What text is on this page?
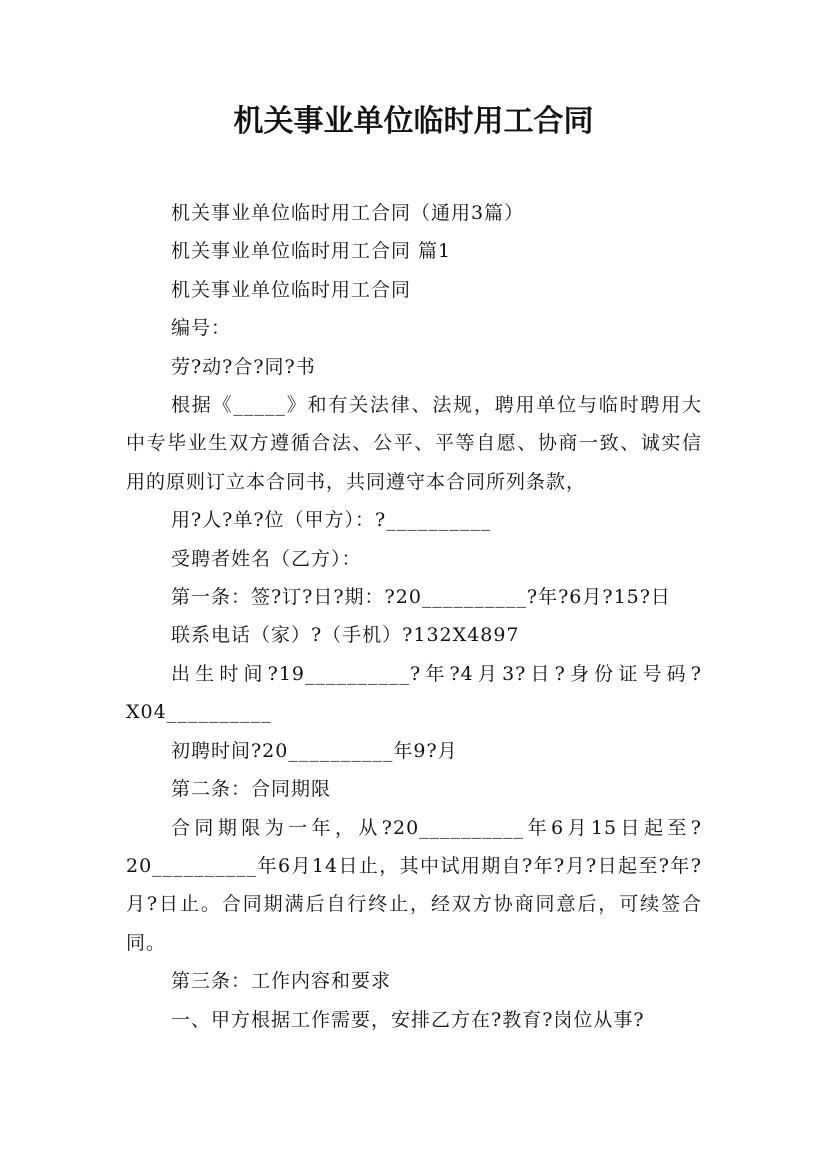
机关事业单位临时用工合同

机关事业单位临时用工合同（通用3篇）

机关事业单位临时用工合同 篇1

机关事业单位临时用工合同

编号：

劳?动?合?同?书

根据《_____》和有关法律、法规，聘用单位与临时聘用大中专毕业生双方遵循合法、公平、平等自愿、协商一致、诚实信用的原则订立本合同书，共同遵守本合同所列条款，

用?人?单?位（甲方）：?__________

受聘者姓名（乙方）：

第一条：签?订?日?期：?20__________?年?6月?15?日

联系电话（家）?（手机）?132X4897

出生时间?19__________?年?4月3?日?身份证号码?X04__________

初聘时间?20__________年9?月

第二条：合同期限

合同期限为一年，从?20__________年6月15日起至?20__________年6月14日止，其中试用期自?年?月?日起至?年?月?日止。合同期满后自行终止，经双方协商同意后，可续签合同。

第三条：工作内容和要求

一、甲方根据工作需要，安排乙方在?教育?岗位从事?
